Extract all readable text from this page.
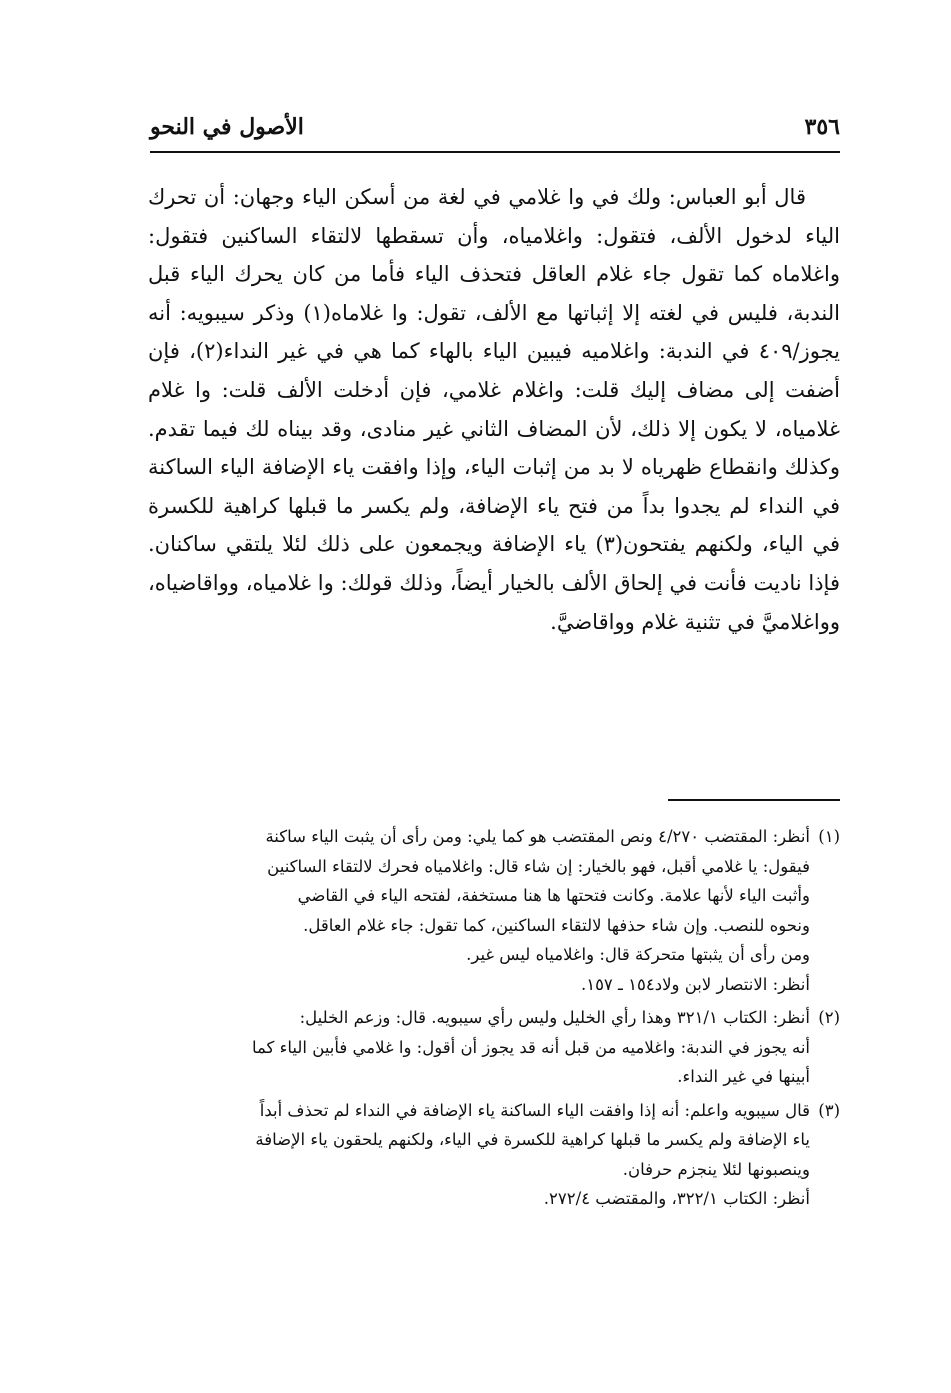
٣٥٦
الأصول في النحو

قال أبو العباس: ولك في وا غلامي في لغة من أسكن الياء وجهان: أن تحرك الياء لدخول الألف، فتقول: واغلامياه، وأن تسقطها لالتقاء الساكنين فتقول: واغلاماه كما تقول جاء غلام العاقل فتحذف الياء فأما من كان يحرك الياء قبل الندبة، فليس في لغته إلا إثباتها مع الألف، تقول: وا غلاماه(١) وذكر سيبويه: أنه يجوز/٤٠٩ في الندبة: واغلاميه فيبين الياء بالهاء كما هي في غير النداء(٢)، فإن أضفت إلى مضاف إليك قلت: واغلام غلامي، فإن أدخلت الألف قلت: وا غلام غلامياه، لا يكون إلا ذلك، لأن المضاف الثاني غير منادى، وقد بيناه لك فيما تقدم. وكذلك وانقطاع ظهرياه لا بد من إثبات الياء، وإذا وافقت ياء الإضافة الياء الساكنة في النداء لم يجدوا بداً من فتح ياء الإضافة، ولم يكسر ما قبلها كراهية للكسرة في الياء، ولكنهم يفتحون(٣) ياء الإضافة ويجمعون على ذلك لئلا يلتقي ساكنان. فإذا ناديت فأنت في إلحاق الألف بالخيار أيضاً، وذلك قولك: وا غلامياه، وواقاضياه، وواغلاميَّ في تثنية غلام وواقاضيَّ.

(١)أنظر: المقتضب ٤/٢٧٠ ونص المقتضب هو كما يلي: ومن رأى أن يثبت الياء ساكنة
فيقول: يا غلامي أقبل، فهو بالخيار: إن شاء قال: واغلامياه فحرك لالتقاء الساكنين
وأثبت الياء لأنها علامة. وكانت فتحتها ها هنا مستخفة، لفتحه الياء في القاضي
ونحوه للنصب. وإن شاء حذفها لالتقاء الساكنين، كما تقول: جاء غلام العاقل.
ومن رأى أن يثبتها متحركة قال: واغلامياه ليس غير.
أنظر: الانتصار لابن ولاد١٥٤ ـ ١٥٧.
(٢)أنظر: الكتاب ٣٢١/١ وهذا رأي الخليل وليس رأي سيبويه. قال: وزعم الخليل:
أنه يجوز في الندبة: واغلاميه من قبل أنه قد يجوز أن أقول: وا غلامي فأبين الياء كما
أبينها في غير النداء.
(٣)قال سيبويه واعلم: أنه إذا وافقت الياء الساكنة ياء الإضافة في النداء لم تحذف أبداً
ياء الإضافة ولم يكسر ما قبلها كراهية للكسرة في الياء، ولكنهم يلحقون ياء الإضافة
وينصبونها لئلا ينجزم حرفان.
أنظر: الكتاب ٣٢٢/١، والمقتضب ٢٧٢/٤.
